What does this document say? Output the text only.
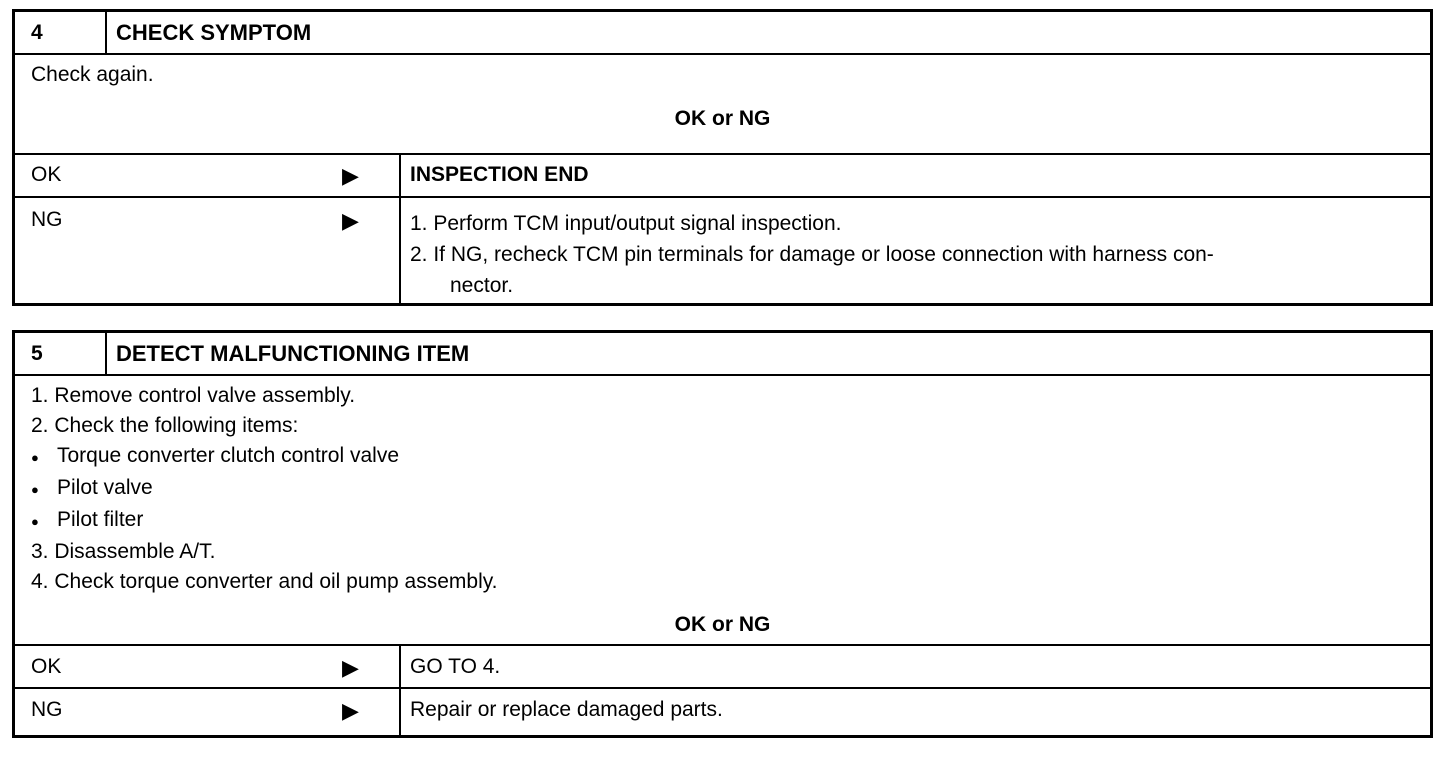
4	CHECK SYMPTOM
Check again.
OK or NG
OK	▶	INSPECTION END
NG	▶ 1. Perform TCM input/output signal inspection.
2. If NG, recheck TCM pin terminals for damage or loose connection with harness con-
nector.
5	DETECT MALFUNCTIONING ITEM
1. Remove control valve assembly.
2. Check the following items:
● Torque converter clutch control valve
● Pilot valve
● Pilot filter
3. Disassemble A/T.
4. Check torque converter and oil pump assembly.
OK or NG
OK	▶	GO TO 4.
NG	▶	Repair or replace damaged parts.
